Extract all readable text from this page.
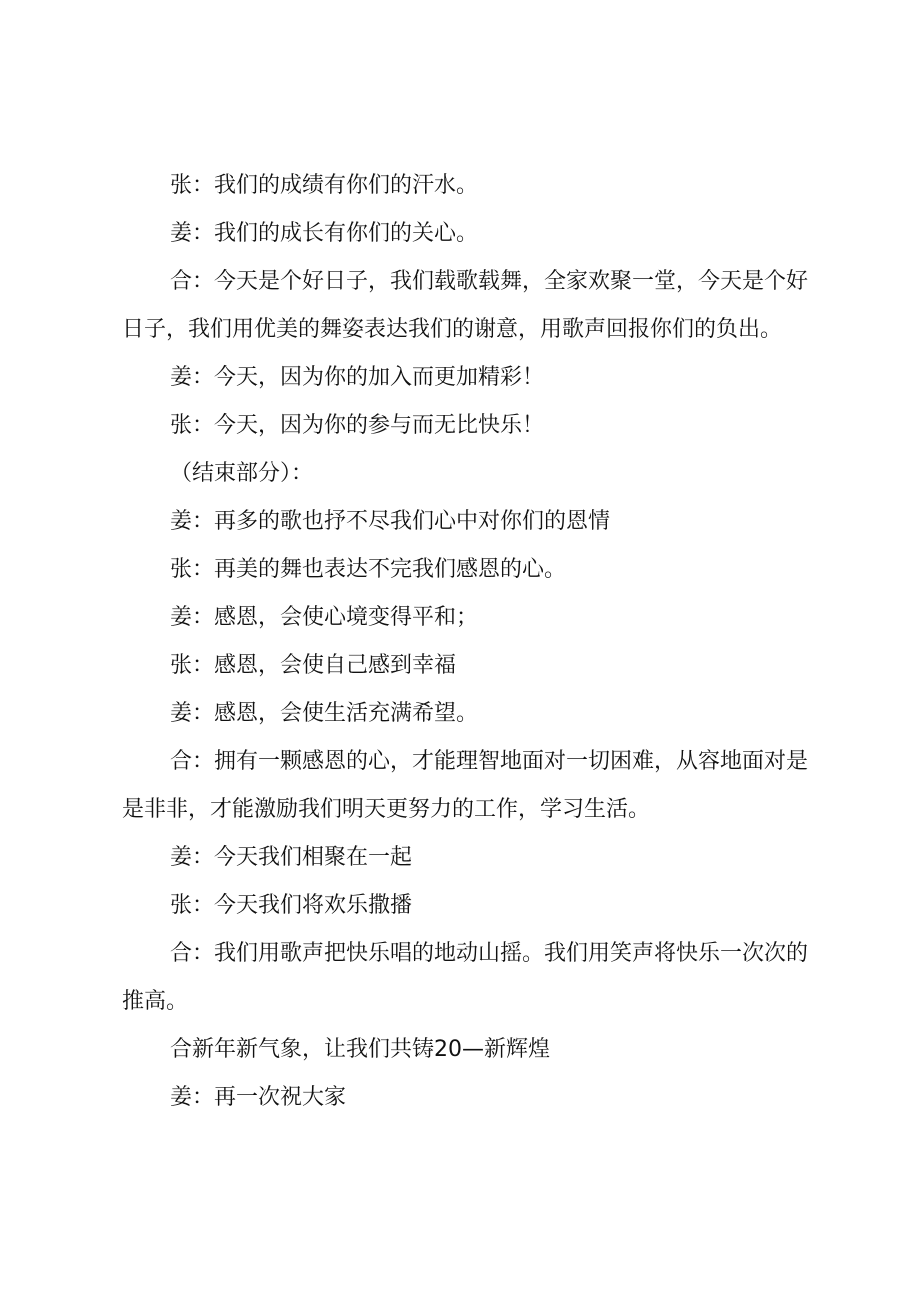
张：我们的成绩有你们的汗水。

姜：我们的成长有你们的关心。

合：今天是个好日子，我们载歌载舞，全家欢聚一堂，今天是个好日子，我们用优美的舞姿表达我们的谢意，用歌声回报你们的负出。

姜：今天，因为你的加入而更加精彩！

张：今天，因为你的参与而无比快乐！

（结束部分）：

姜：再多的歌也抒不尽我们心中对你们的恩情

张：再美的舞也表达不完我们感恩的心。

姜：感恩，会使心境变得平和；

张：感恩，会使自己感到幸福

姜：感恩，会使生活充满希望。

合：拥有一颗感恩的心，才能理智地面对一切困难，从容地面对是是非非，才能激励我们明天更努力的工作，学习生活。

姜：今天我们相聚在一起

张：今天我们将欢乐撒播

合：我们用歌声把快乐唱的地动山摇。我们用笑声将快乐一次次的推高。

合新年新气象，让我们共铸20—新辉煌

姜：再一次祝大家
